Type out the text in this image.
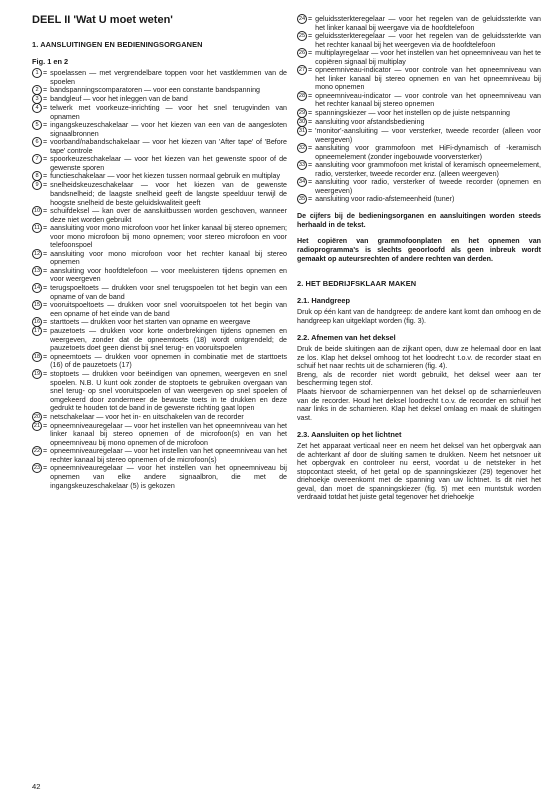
DEEL II 'Wat U moet weten'
1. AANSLUITINGEN EN BEDIENINGSORGANEN
Fig. 1 en 2
1 = spoelassen — met vergrendelbare toppen voor het vastklemmen van de spoelen
2 = bandspanningscomparatoren — voor een constante bandspanning
3 = bandgleuf — voor het inleggen van de band
4 = telwerk met voorkeuze-inrichting — voor het snel terugvinden van opnamen
5 = ingangskeuzeschakelaar — voor het kiezen van een van de aangesloten signaalbronnen
6 = voorband/nabandschakelaar — voor het kiezen van 'After tape' of 'Before tape' controle
7 = spoorkeuzeschakelaar — voor het kiezen van het gewenste spoor of de gewenste sporen
8 = functieschakelaar — voor het kiezen tussen normaal gebruik en multiplay
9 = snelheidskeuzeschakelaar — voor het kiezen van de gewenste bandsnelheid; de laagste snelheid geeft de langste speelduur terwijl de hoogste snelheid de beste geluidskwaliteit geeft
10 = schuifdeksel — kan over de aansluitbussen worden geschoven, wanneer deze niet worden gebruikt
11 = aansluiting voor mono microfoon voor het linker kanaal bij stereo opnemen; voor mono microfoon bij mono opnemen; voor stereo microfoon en voor telefoonspoel
12 = aansluiting voor mono microfoon voor het rechter kanaal bij stereo opnemen
13 = aansluiting voor hoofdtelefoon — voor meeluisteren tijdens opnemen en voor weergeven
14 = terugspoeltoets — drukken voor snel terugspoelen tot het begin van een opname of van de band
15 = vooruitspoeltoets — drukken voor snel vooruitspoelen tot het begin van een opname of het einde van de band
16 = starttoets — drukken voor het starten van opname en weergave
17 = pauzetoets — drukken voor korte onderbrekingen tijdens opnemen en weergeven, zonder dat de opneemtoets (18) wordt ontgrendeld; de pauzetoets doet geen dienst bij snel terug- en vooruitspoelen
18 = opneemtoets — drukken voor opnemen in combinatie met de starttoets (16) of de pauzetoets (17)
19 = stoptoets — drukken voor beëindigen van opnemen, weergeven en snel spoelen. N.B. U kunt ook zonder de stoptoets te gebruiken overgaan van snel terug- op snel vooruitspoelen of van weergeven op snel spoelen of omgekeerd door zondermeer de bewuste toets in te drukken en deze gedrukt te houden tot de band in de gewenste richting gaat lopen
20 = netschakelaar — voor het in- en uitschakelen van de recorder
21 = opneemniveauregelaar — voor het instellen van het opneemniveau van het linker kanaal bij stereo opnemen of de microfoon(s) en van het opneemniveau bij mono opnemen of de microfoon
22 = opneemniveauregelaar — voor het instellen van het opneemniveau van het rechter kanaal bij stereo opnemen of de microfoon(s)
23 = opneemniveauregelaar — voor het instellen van het opneemniveau bij opnemen van elke andere signaalbron, die met de ingangskeuzeschakelaar (5) is gekozen
24 = geluidssterkteregelaar — voor het regelen van de geluidssterkte van het linker kanaal bij weergave via de hoofdtelefoon
25 = geluidssterkteregelaar — voor het regelen van de geluidssterkte van het rechter kanaal bij het weergeven via de hoofdtelefoon
26 = multiplayregelaar — voor het instellen van het opneemniveau van het te copiëren signaal bij multiplay
27 = opneemniveau-indicator — voor controle van het opneemniveau van het linker kanaal bij stereo opnemen en van het opneemniveau bij mono opnemen
28 = opneemniveau-indicator — voor controle van het opneemniveau van het rechter kanaal bij stereo opnemen
29 = spanningskiezer — voor het instellen op de juiste netspanning
30 = aansluiting voor afstandsbediening
31 = 'monitor'-aansluiting — voor versterker, tweede recorder (alleen voor weergeven)
32 = aansluiting voor grammofoon met HiFi-dynamisch of -keramisch opneemelement (zonder ingebouwde voorversterker)
33 = aansluiting voor grammofoon met kristal of keramisch opneemelement, radio, versterker, tweede recorder enz. (alleen weergeven)
34 = aansluiting voor radio, versterker of tweede recorder (opnemen en weergeven)
35 = aansluiting voor radio-afstemeenheid (tuner)

De cijfers bij de bedieningsorganen en aansluitingen worden steeds herhaald in de tekst.

Het copiëren van grammofoonplaten en het opnemen van radioprogramma's is slechts geoorloofd als geen inbreuk wordt gemaakt op auteursrechten of andere rechten van derden.

2. HET BEDRIJFSKLAAR MAKEN
2.1. Handgreep

Druk op één kant van de handgreep: de andere kant komt dan omhoog en de handgreep kan uitgeklapt worden (fig. 3).

2.2. Afnemen van het deksel

Druk de beide sluitingen aan de zijkant open, duw ze helemaal door en laat ze los. Klap het deksel omhoog tot het loodrecht t.o.v. de recorder staat en schuif het naar rechts uit de scharnieren (fig. 4).

Breng, als de recorder niet wordt gebruikt, het deksel weer aan ter bescherming tegen stof.

Plaats hiervoor de scharnierpennen van het deksel op de scharnierleuven van de recorder. Houd het deksel loodrecht t.o.v. de recorder en schuif het naar links in de scharnieren. Klap het deksel omlaag en maak de sluitingen vast.

2.3. Aansluiten op het lichtnet

Zet het apparaat verticaal neer en neem het deksel van het opbergvak aan de achterkant af door de sluiting samen te drukken. Neem het netsnoer uit het opbergvak en controleer nu eerst, voordat u de netsteker in het stopcontact steekt, of het getal op de spanningskiezer (29) tegenover het driehoekje overeenkomt met de spanning van uw lichtnet. Is dit niet het geval, dan moet de spanningskiezer (fig. 5) met een muntstuk worden verdraaid totdat het juiste getal tegenover het driehoekje

42
